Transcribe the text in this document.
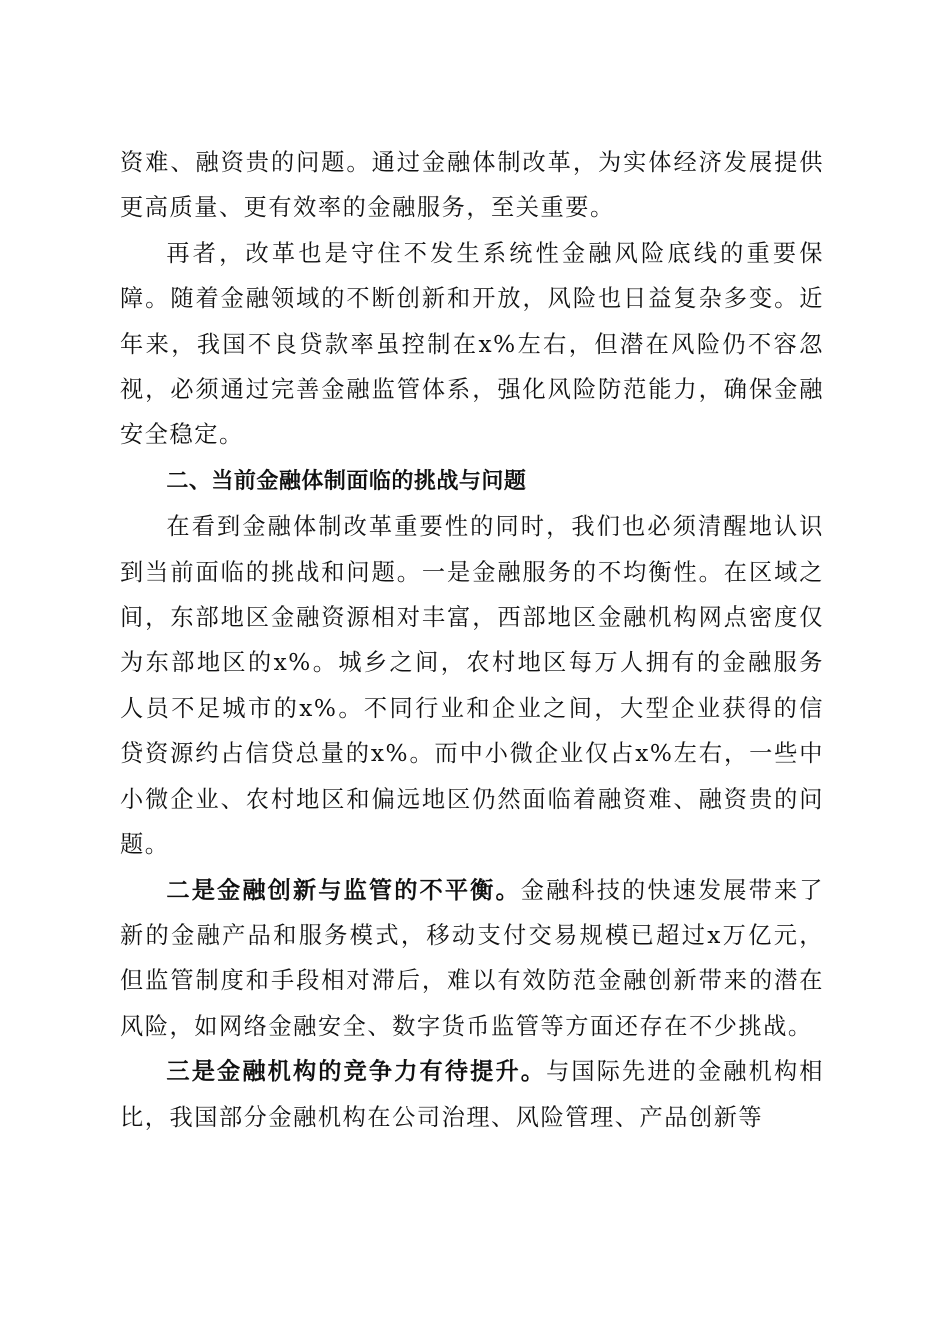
资难、融资贵的问题。通过金融体制改革，为实体经济发展提供更高质量、更有效率的金融服务，至关重要。

再者，改革也是守住不发生系统性金融风险底线的重要保障。随着金融领域的不断创新和开放，风险也日益复杂多变。近年来，我国不良贷款率虽控制在x%左右，但潜在风险仍不容忽视，必须通过完善金融监管体系，强化风险防范能力，确保金融安全稳定。

二、当前金融体制面临的挑战与问题

在看到金融体制改革重要性的同时，我们也必须清醒地认识到当前面临的挑战和问题。一是金融服务的不均衡性。在区域之间，东部地区金融资源相对丰富，西部地区金融机构网点密度仅为东部地区的x%。城乡之间，农村地区每万人拥有的金融服务人员不足城市的x%。不同行业和企业之间，大型企业获得的信贷资源约占信贷总量的x%。而中小微企业仅占x%左右，一些中小微企业、农村地区和偏远地区仍然面临着融资难、融资贵的问题。

二是金融创新与监管的不平衡。金融科技的快速发展带来了新的金融产品和服务模式，移动支付交易规模已超过x万亿元，但监管制度和手段相对滞后，难以有效防范金融创新带来的潜在风险，如网络金融安全、数字货币监管等方面还存在不少挑战。

三是金融机构的竞争力有待提升。与国际先进的金融机构相比，我国部分金融机构在公司治理、风险管理、产品创新等
